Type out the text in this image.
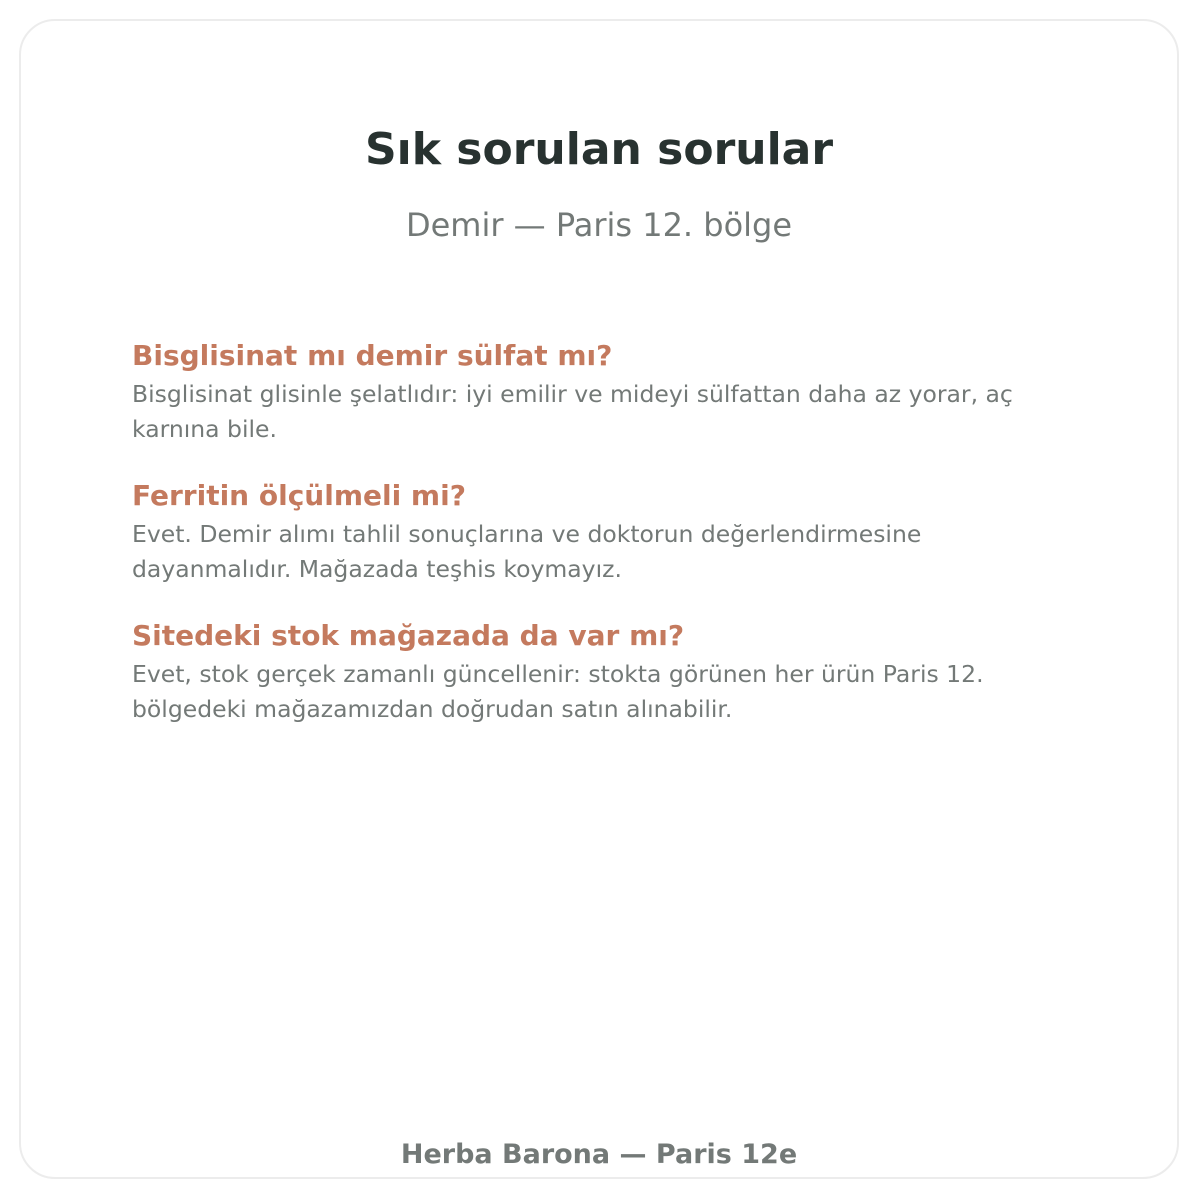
Sık sorulan sorular

Demir — Paris 12. bölge

Bisglisinat mı demir sülfat mı?

Bisglisinat glisinle şelatlıdır: iyi emilir ve mideyi sülfattan daha az yorar, aç karnına bile.

Ferritin ölçülmeli mi?

Evet. Demir alımı tahlil sonuçlarına ve doktorun değerlendirmesine dayanmalıdır. Mağazada teşhis koymayız.

Sitedeki stok mağazada da var mı?

Evet, stok gerçek zamanlı güncellenir: stokta görünen her ürün Paris 12. bölgedeki mağazamızdan doğrudan satın alınabilir.

Herba Barona — Paris 12e
